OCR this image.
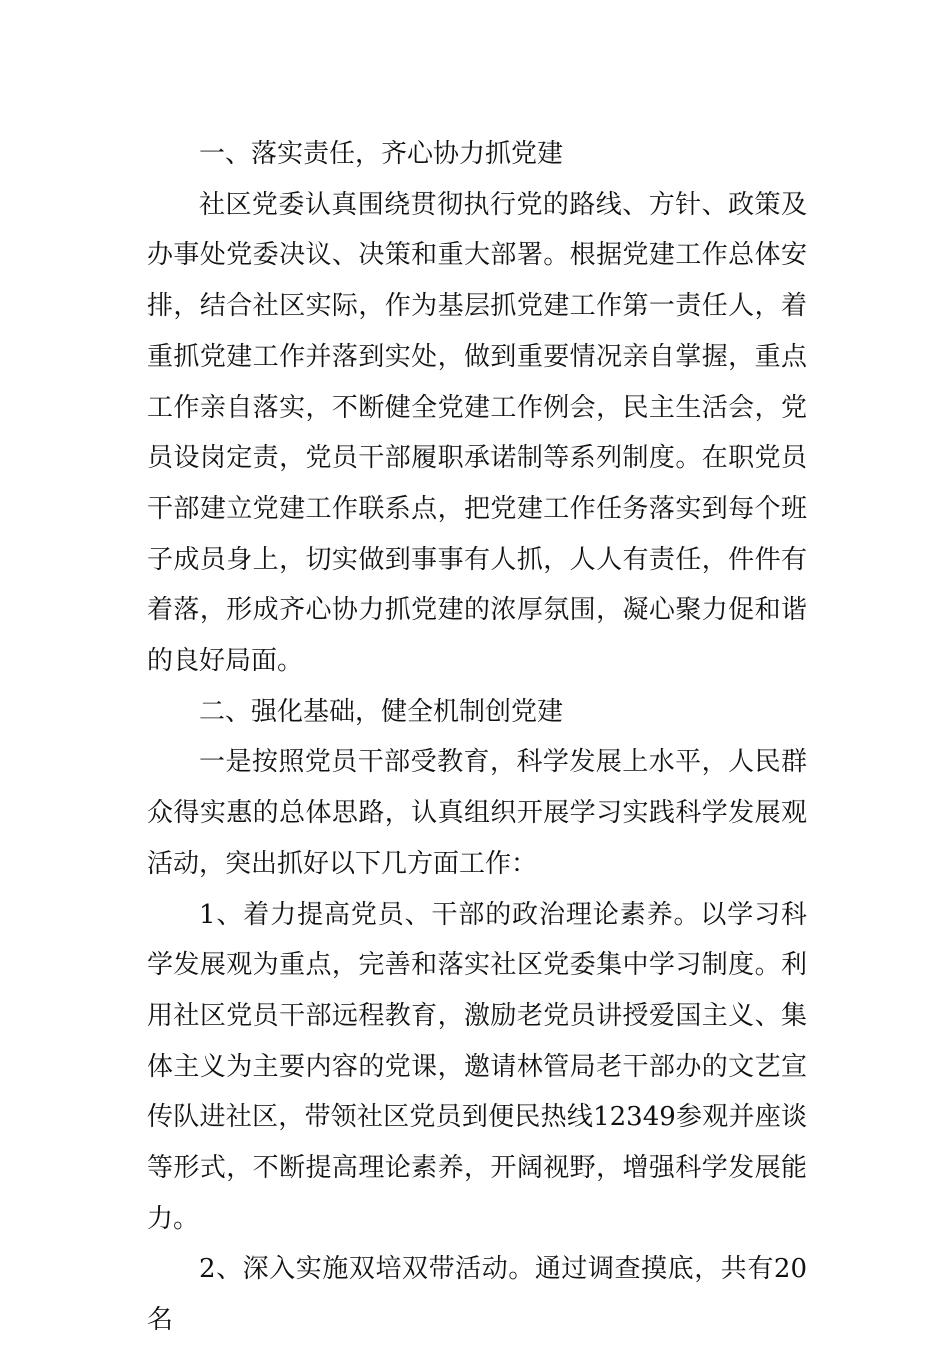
一、落实责任，齐心协力抓党建

社区党委认真围绕贯彻执行党的路线、方针、政策及办事处党委决议、决策和重大部署。根据党建工作总体安排，结合社区实际，作为基层抓党建工作第一责任人，着重抓党建工作并落到实处，做到重要情况亲自掌握，重点工作亲自落实，不断健全党建工作例会，民主生活会，党员设岗定责，党员干部履职承诺制等系列制度。在职党员干部建立党建工作联系点，把党建工作任务落实到每个班子成员身上，切实做到事事有人抓，人人有责任，件件有着落，形成齐心协力抓党建的浓厚氛围，凝心聚力促和谐的良好局面。

二、强化基础，健全机制创党建

一是按照党员干部受教育，科学发展上水平，人民群众得实惠的总体思路，认真组织开展学习实践科学发展观活动，突出抓好以下几方面工作：

1、着力提高党员、干部的政治理论素养。以学习科学发展观为重点，完善和落实社区党委集中学习制度。利用社区党员干部远程教育，激励老党员讲授爱国主义、集体主义为主要内容的党课，邀请林管局老干部办的文艺宣传队进社区，带领社区党员到便民热线12349参观并座谈等形式，不断提高理论素养，开阔视野，增强科学发展能力。

2、深入实施双培双带活动。通过调查摸底，共有20名
